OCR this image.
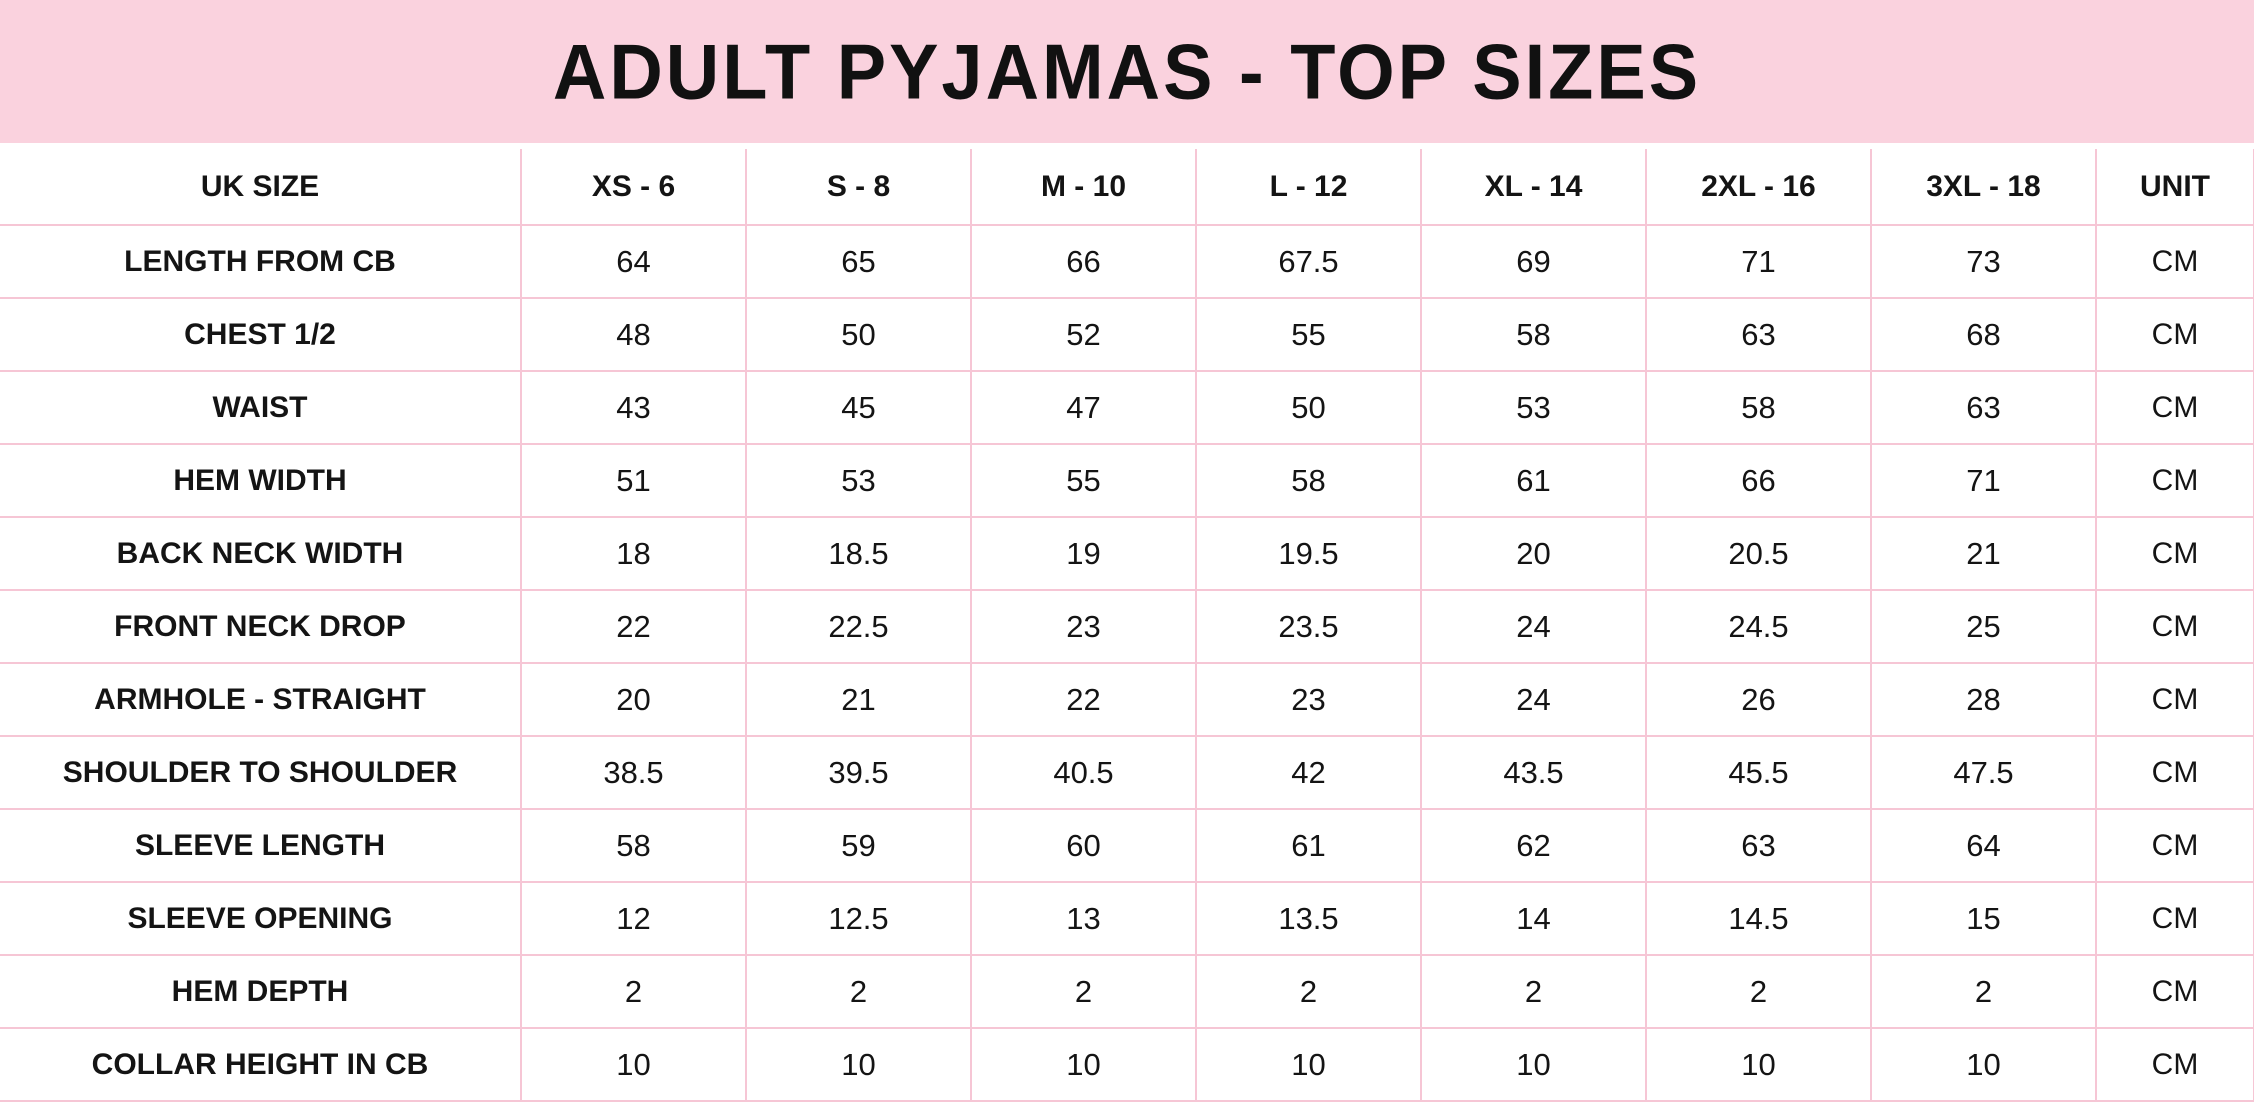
ADULT PYJAMAS - TOP SIZES
UK SIZE	XS - 6	S - 8	M - 10	L - 12	XL - 14	2XL - 16	3XL - 18	UNIT
LENGTH FROM CB	64	65	66	67.5	69	71	73	CM
CHEST 1/2	48	50	52	55	58	63	68	CM
WAIST	43	45	47	50	53	58	63	CM
HEM WIDTH	51	53	55	58	61	66	71	CM
BACK NECK WIDTH	18	18.5	19	19.5	20	20.5	21	CM
FRONT NECK DROP	22	22.5	23	23.5	24	24.5	25	CM
ARMHOLE - STRAIGHT	20	21	22	23	24	26	28	CM
SHOULDER TO SHOULDER	38.5	39.5	40.5	42	43.5	45.5	47.5	CM
SLEEVE LENGTH	58	59	60	61	62	63	64	CM
SLEEVE OPENING	12	12.5	13	13.5	14	14.5	15	CM
HEM DEPTH	2	2	2	2	2	2	2	CM
COLLAR HEIGHT IN CB	10	10	10	10	10	10	10	CM
